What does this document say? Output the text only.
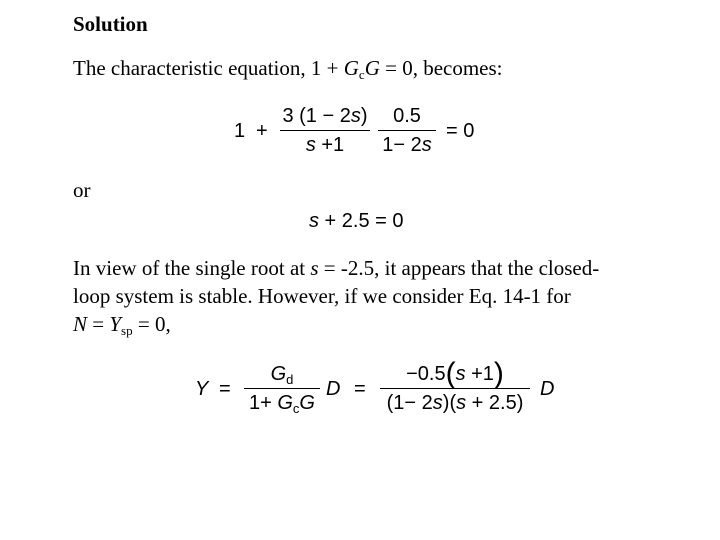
Solution
The characteristic equation, $1 + G_cG = 0$, becomes:
1 +
3 (1 − 2s)
s +1
0.5
1− 2s
= 0
or
s + 2.5 = 0
In view of the single root at s = -2.5, it appears that the closed-
loop system is stable. However, if we consider Eq. 14-1 for
$N = Y_{sp} = 0$,
Y =
$G_d$
$1+ G_cG$
D =
−0.5(s +1)
(1− 2s)(s + 2.5)
D
